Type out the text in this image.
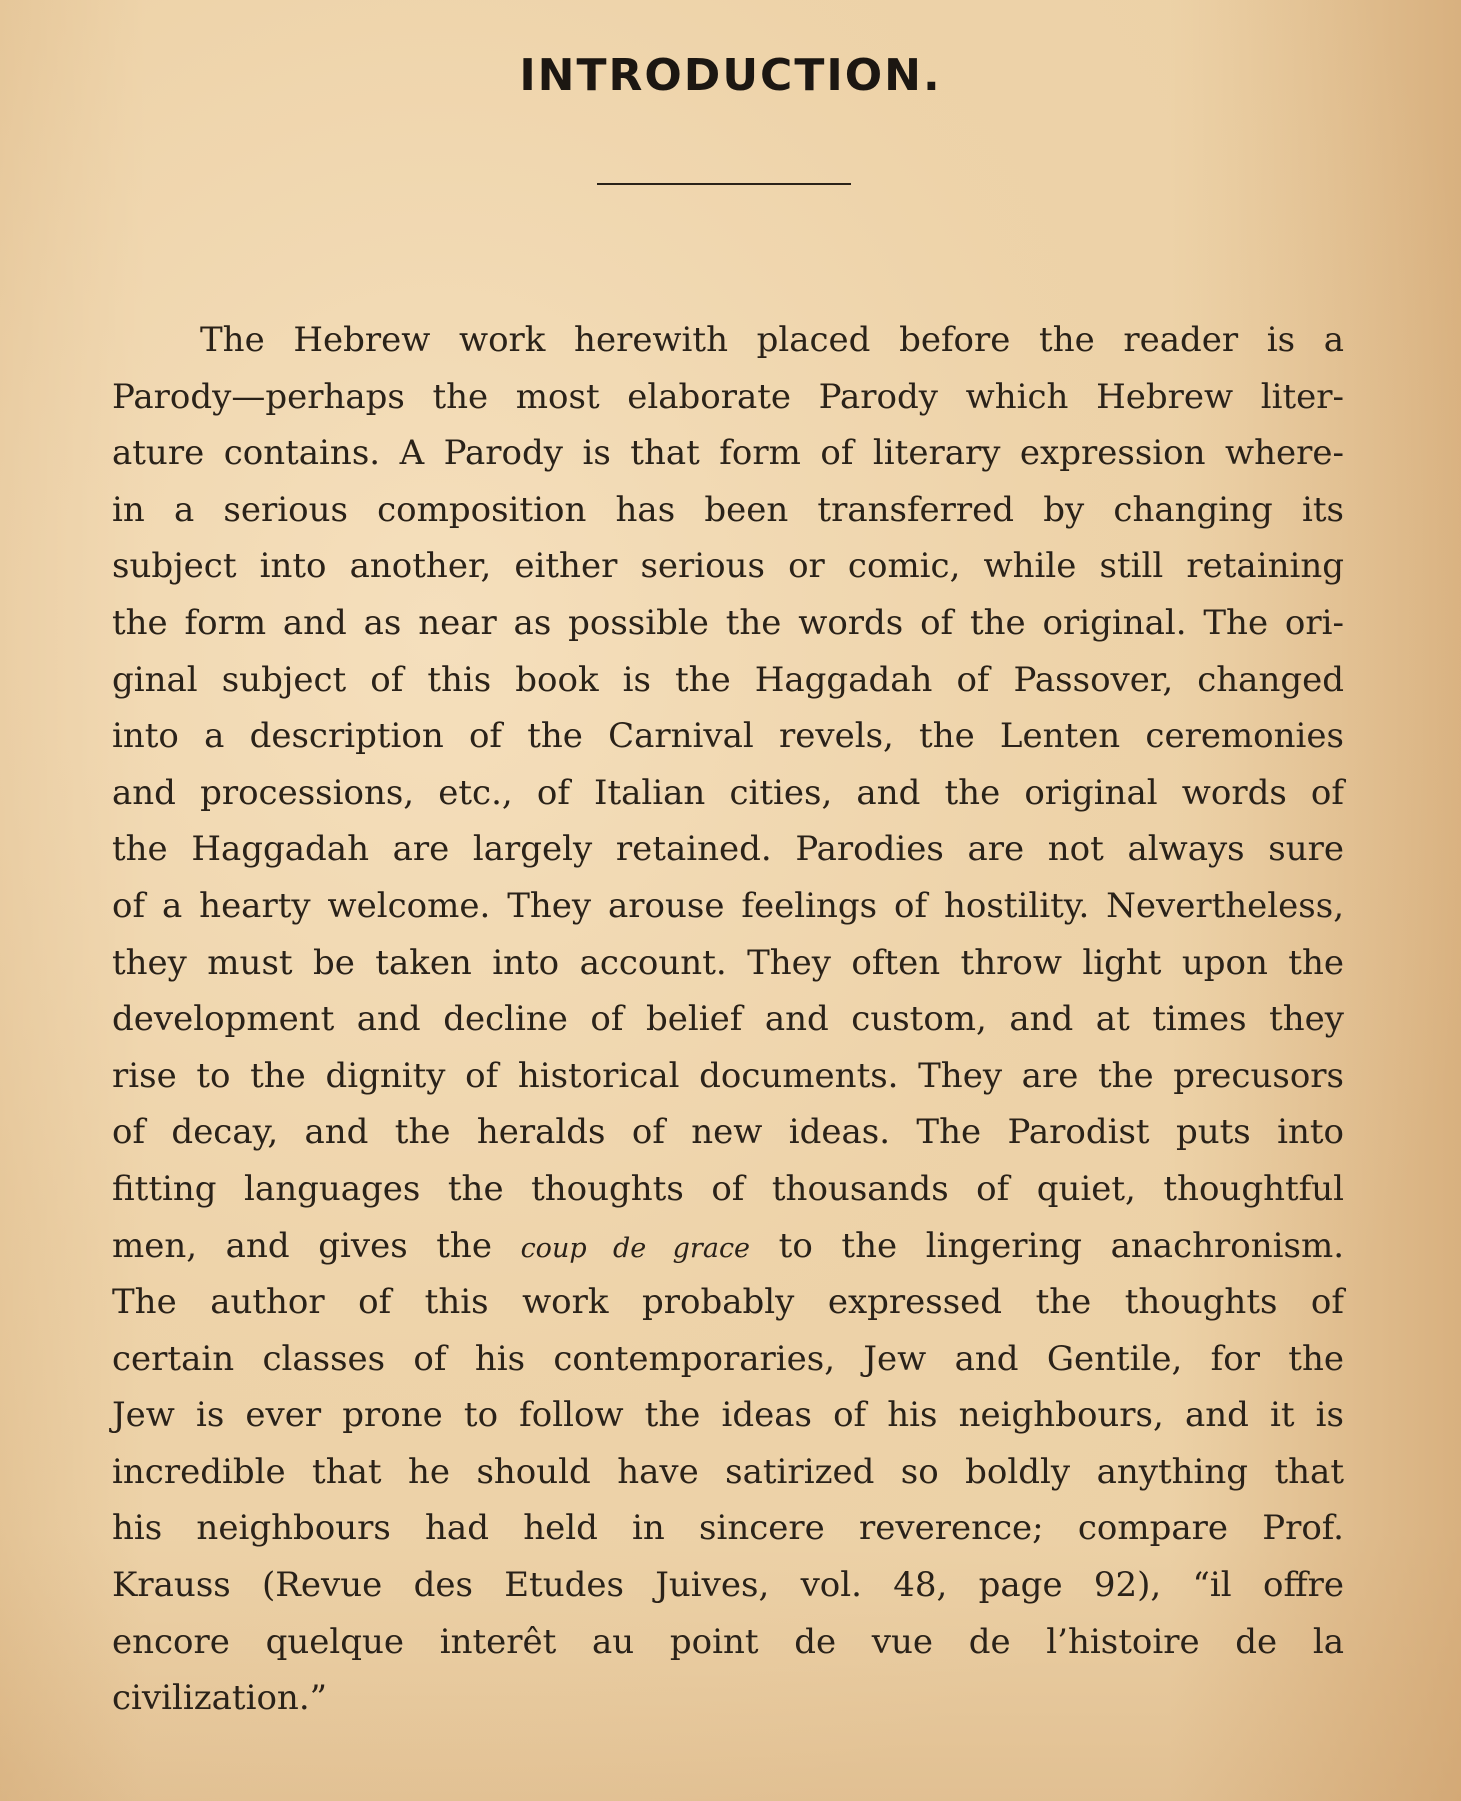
INTRODUCTION.
The Hebrew work herewith placed before the reader is a
Parody—perhaps the most elaborate Parody which Hebrew liter-
ature contains. A Parody is that form of literary expression where-
in a serious composition has been transferred by changing its
subject into another, either serious or comic, while still retaining
the form and as near as possible the words of the original. The ori-
ginal subject of this book is the Haggadah of Passover, changed
into a description of the Carnival revels, the Lenten ceremonies
and processions, etc., of Italian cities, and the original words of
the Haggadah are largely retained. Parodies are not always sure
of a hearty welcome. They arouse feelings of hostility. Nevertheless,
they must be taken into account. They often throw light upon the
development and decline of belief and custom, and at times they
rise to the dignity of historical documents. They are the precusors
of decay, and the heralds of new ideas. The Parodist puts into
fitting languages the thoughts of thousands of quiet, thoughtful
men, and gives the coup de grace to the lingering anachronism.
The author of this work probably expressed the thoughts of
certain classes of his contemporaries, Jew and Gentile, for the
Jew is ever prone to follow the ideas of his neighbours, and it is
incredible that he should have satirized so boldly anything that
his neighbours had held in sincere reverence; compare Prof.
Krauss (Revue des Etudes Juives, vol. 48, page 92), “il offre
encore quelque interêt au point de vue de l’histoire de la
civilization.”
